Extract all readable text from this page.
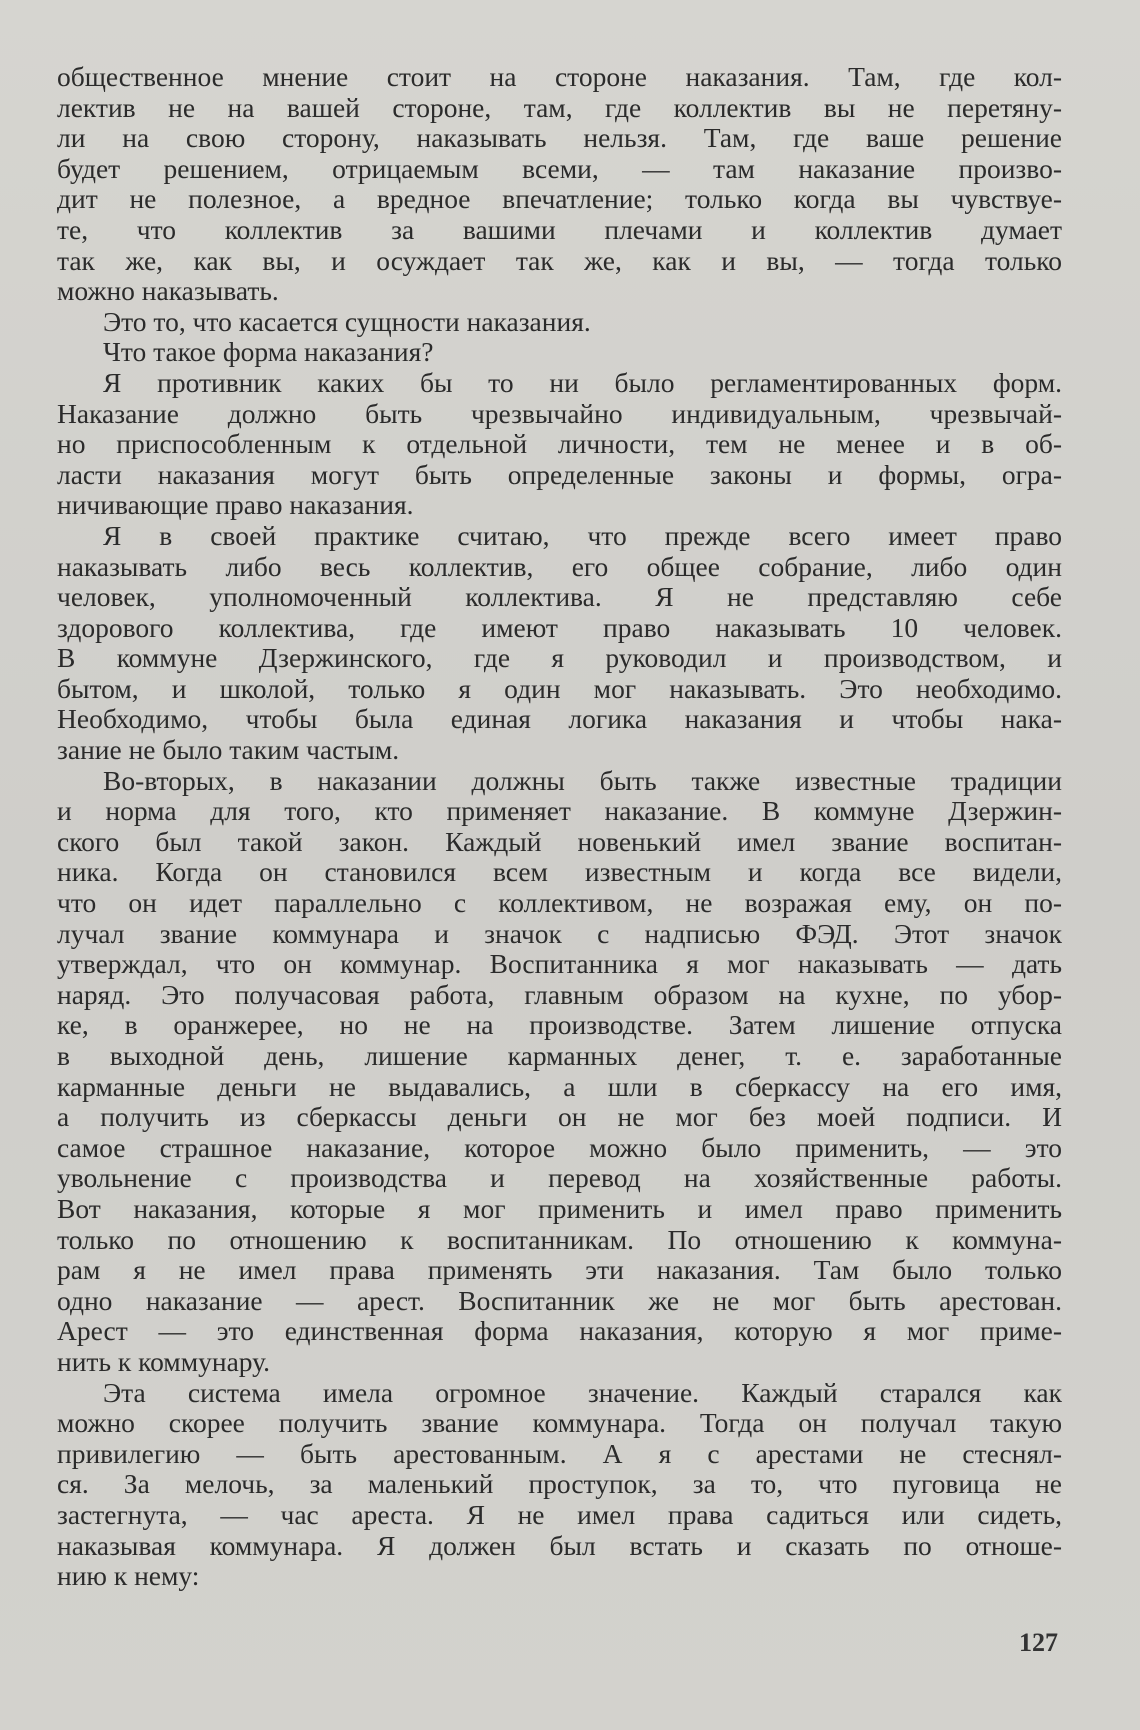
общественное мнение стоит на стороне наказания. Там, где кол-
лектив не на вашей стороне, там, где коллектив вы не перетяну-
ли на свою сторону, наказывать нельзя. Там, где ваше решение
будет решением, отрицаемым всеми, — там наказание произво-
дит не полезное, а вредное впечатление; только когда вы чувствуе-
те, что коллектив за вашими плечами и коллектив думает
так же, как вы, и осуждает так же, как и вы, — тогда только
можно наказывать.
Это то, что касается сущности наказания.
Что такое форма наказания?
Я противник каких бы то ни было регламентированных форм.
Наказание должно быть чрезвычайно индивидуальным, чрезвычай-
но приспособленным к отдельной личности, тем не менее и в об-
ласти наказания могут быть определенные законы и формы, огра-
ничивающие право наказания.
Я в своей практике считаю, что прежде всего имеет право
наказывать либо весь коллектив, его общее собрание, либо один
человек, уполномоченный коллектива. Я не представляю себе
здорового коллектива, где имеют право наказывать 10 человек.
В коммуне Дзержинского, где я руководил и производством, и
бытом, и школой, только я один мог наказывать. Это необходимо.
Необходимо, чтобы была единая логика наказания и чтобы нака-
зание не было таким частым.
Во-вторых, в наказании должны быть также известные традиции
и норма для того, кто применяет наказание. В коммуне Дзержин-
ского был такой закон. Каждый новенький имел звание воспитан-
ника. Когда он становился всем известным и когда все видели,
что он идет параллельно с коллективом, не возражая ему, он по-
лучал звание коммунара и значок с надписью ФЭД. Этот значок
утверждал, что он коммунар. Воспитанника я мог наказывать — дать
наряд. Это получасовая работа, главным образом на кухне, по убор-
ке, в оранжерее, но не на производстве. Затем лишение отпуска
в выходной день, лишение карманных денег, т. е. заработанные
карманные деньги не выдавались, а шли в сберкассу на его имя,
а получить из сберкассы деньги он не мог без моей подписи. И
самое страшное наказание, которое можно было применить, — это
увольнение с производства и перевод на хозяйственные работы.
Вот наказания, которые я мог применить и имел право применить
только по отношению к воспитанникам. По отношению к коммуна-
рам я не имел права применять эти наказания. Там было только
одно наказание — арест. Воспитанник же не мог быть арестован.
Арест — это единственная форма наказания, которую я мог приме-
нить к коммунару.
Эта система имела огромное значение. Каждый старался как
можно скорее получить звание коммунара. Тогда он получал такую
привилегию — быть арестованным. А я с арестами не стеснял-
ся. За мелочь, за маленький проступок, за то, что пуговица не
застегнута, — час ареста. Я не имел права садиться или сидеть,
наказывая коммунара. Я должен был встать и сказать по отноше-
нию к нему:
127
